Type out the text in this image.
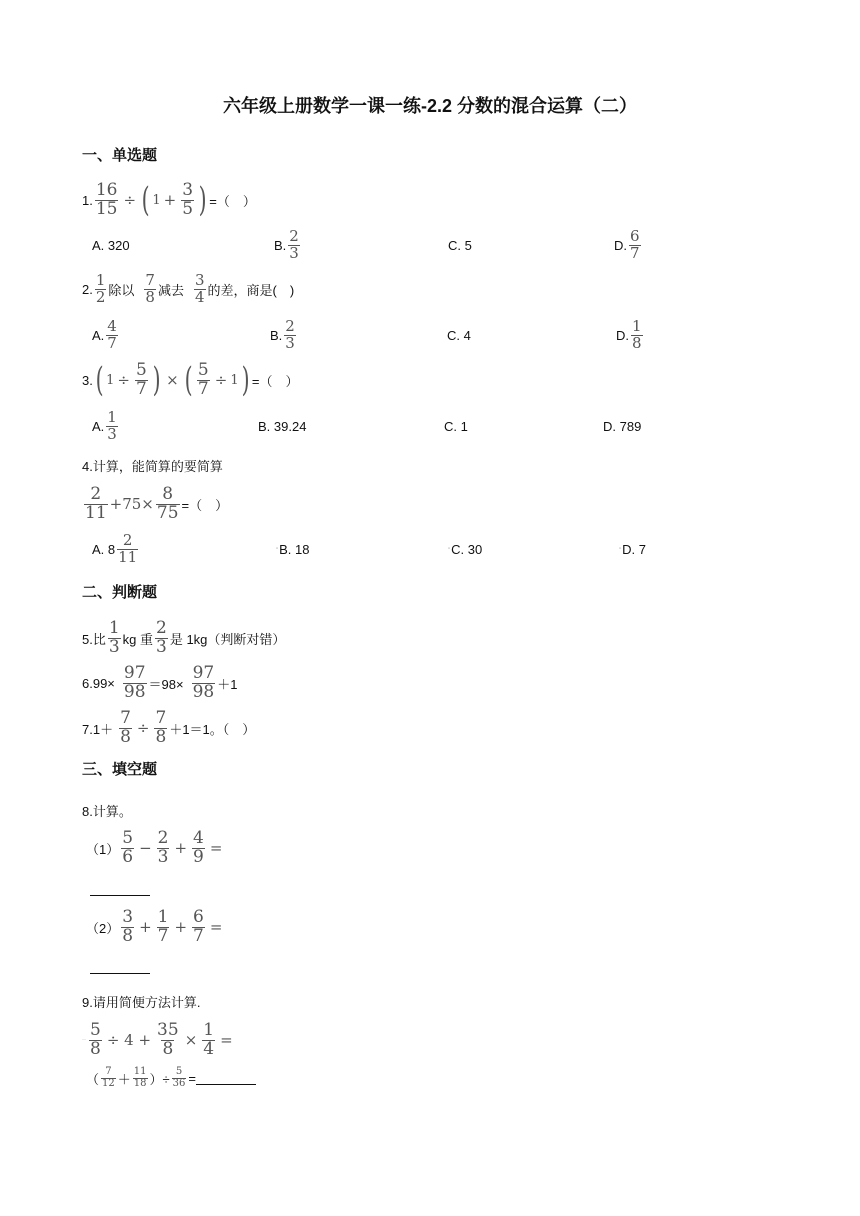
六年级上册数学一课一练-2.2 分数的混合运算（二）
一、单选题
1. $\frac{16}{15}$ ÷ ( $1 + \frac{3}{5}$ ) =（　）
A. 320	B. $\frac{2}{3}$	C. 5	D. $\frac{6}{7}$
2. $\frac{1}{2}$ 除以 $\frac{7}{8}$ 减去 $\frac{3}{4}$ 的差，商是(　)
A. $\frac{4}{7}$	B. $\frac{2}{3}$	C. 4	D. $\frac{1}{8}$
3. ( $1 \div \frac{5}{7}$ ) × ( $\frac{5}{7} \div 1$ ) =（　）
A. $\frac{1}{3}$	B. 39.24	C. 1	D. 789
4.计算，能简算的要简算
$\frac{2}{11} +75\times \frac{8}{75}$ =（　）
A. $8 \frac{2}{11}$	▫ B. 18	▫ C. 30	▫ D. 7
二、判断题
5.比 $\frac{1}{3}$ kg 重 $\frac{2}{3}$ 是 1kg（判断对错）
$6.99\times \frac{97}{98} =98\times \frac{97}{98} +1$
$7.1+ \frac{7}{8} \div \frac{7}{8} +1=1$。（　）
三、填空题
8.计算。
$(1) \frac{5}{6} - \frac{2}{3} + \frac{4}{9}$ =
$(2) \frac{3}{8} + \frac{1}{7} + \frac{6}{7}$ =
9.请用简便方法计算.
·· $\frac{5}{8} \div 4 + \frac{35}{8} \times \frac{1}{4}$ =
（ $\frac{7}{12} + \frac{11}{18}$ ）÷ $\frac{5}{36}$ =
